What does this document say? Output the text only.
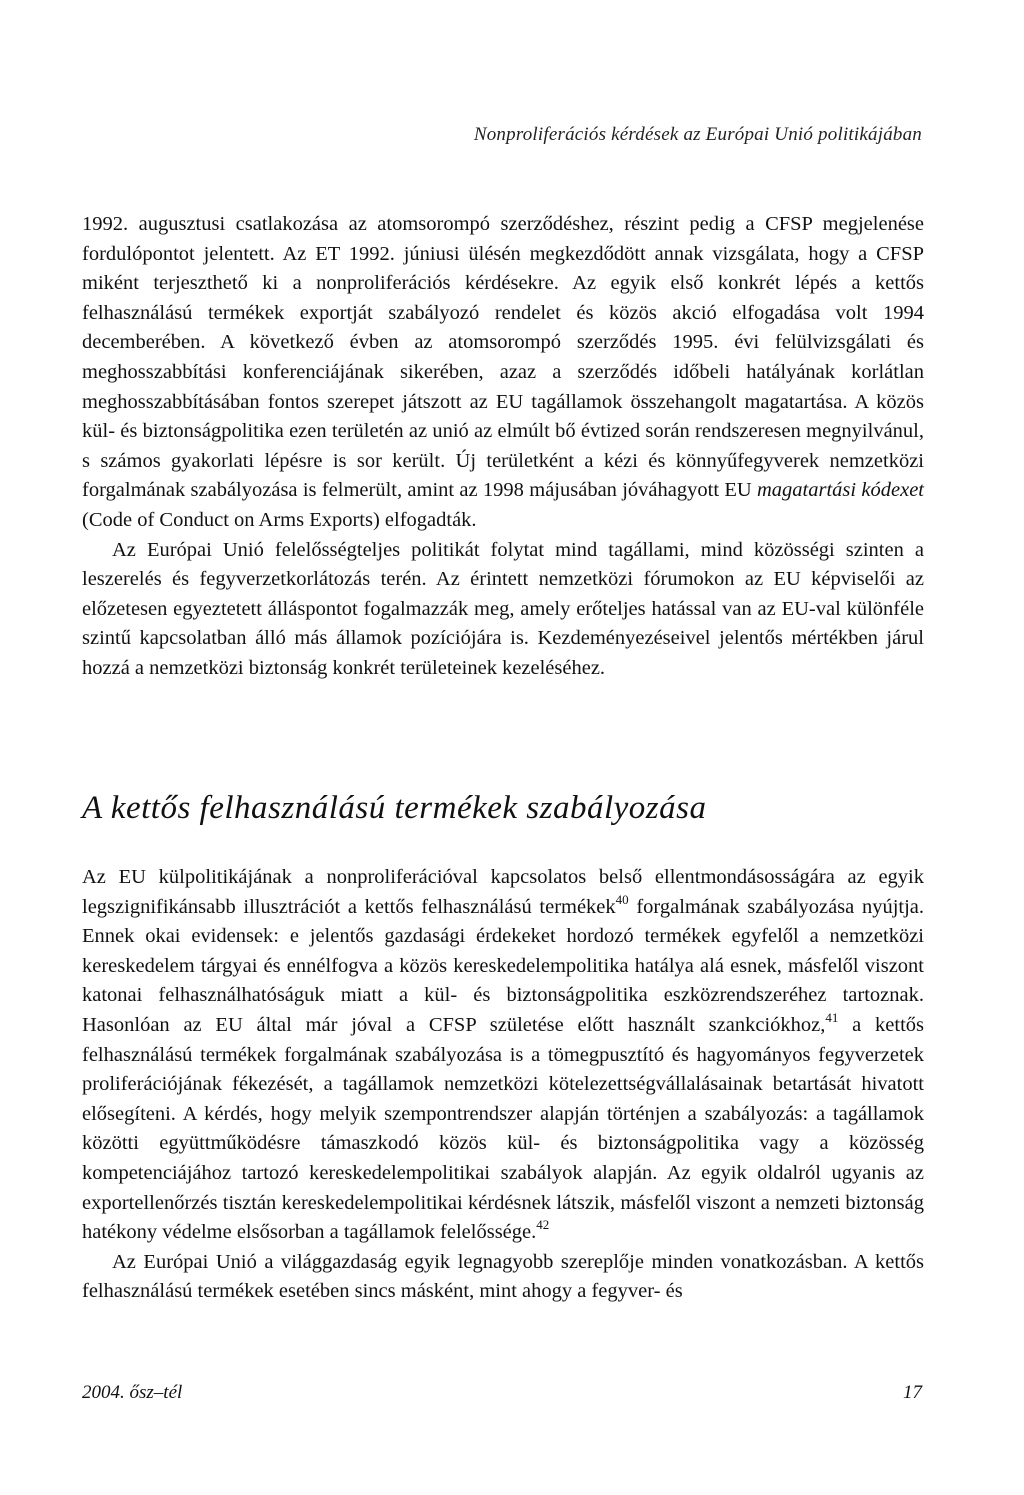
Nonproliferációs kérdések az Európai Unió politikájában

1992. augusztusi csatlakozása az atomsorompó szerződéshez, részint pedig a CFSP megjelenése fordulópontot jelentett. Az ET 1992. júniusi ülésén megkezdődött annak vizsgálata, hogy a CFSP miként terjeszthető ki a nonproliferációs kérdésekre. Az egyik első konkrét lépés a kettős felhasználású termékek exportját szabályozó rendelet és közös akció elfogadása volt 1994 decemberében. A következő évben az atomsorompó szerződés 1995. évi felülvizsgálati és meghosszabbítási konferenciájának sikerében, azaz a szerződés időbeli hatályának korlátlan meghosszabbításában fontos szerepet játszott az EU tagállamok összehangolt magatartása. A közös kül- és biztonságpolitika ezen területén az unió az elmúlt bő évtized során rendszeresen megnyilvánul, s számos gyakorlati lépésre is sor került. Új területként a kézi és könnyűfegyverek nemzetközi forgalmának szabályozása is felmerült, amint az 1998 májusában jóváhagyott EU magatartási kódexet (Code of Conduct on Arms Exports) elfogadták.

Az Európai Unió felelősségteljes politikát folytat mind tagállami, mind közösségi szinten a leszerelés és fegyverzetkorlátozás terén. Az érintett nemzetközi fórumokon az EU képviselői az előzetesen egyeztetett álláspontot fogalmazzák meg, amely erőteljes hatással van az EU-val különféle szintű kapcsolatban álló más államok pozíciójára is. Kezdeményezéseivel jelentős mértékben járul hozzá a nemzetközi biztonság konkrét területeinek kezeléséhez.

A kettős felhasználású termékek szabályozása

Az EU külpolitikájának a nonproliferációval kapcsolatos belső ellentmondásosságára az egyik legszignifikánsabb illusztrációt a kettős felhasználású termékek$^{40}$ forgalmának szabályozása nyújtja. Ennek okai evidensek: e jelentős gazdasági érdekeket hordozó termékek egyfelől a nemzetközi kereskedelem tárgyai és ennélfogva a közös kereskedelempolitika hatálya alá esnek, másfelől viszont katonai felhasználhatóságuk miatt a kül- és biztonságpolitika eszközrendszeréhez tartoznak. Hasonlóan az EU által már jóval a CFSP születése előtt használt szankciókhoz,$^{41}$ a kettős felhasználású termékek forgalmának szabályozása is a tömegpusztító és hagyományos fegyverzetek proliferációjának fékezését, a tagállamok nemzetközi kötelezettségvállalásainak betartását hivatott elősegíteni. A kérdés, hogy melyik szempontrendszer alapján történjen a szabályozás: a tagállamok közötti együttműködésre támaszkodó közös kül- és biztonságpolitika vagy a közösség kompetenciájához tartozó kereskedelempolitikai szabályok alapján. Az egyik oldalról ugyanis az exportellenőrzés tisztán kereskedelempolitikai kérdésnek látszik, másfelől viszont a nemzeti biztonság hatékony védelme elsősorban a tagállamok felelőssége.$^{42}$

Az Európai Unió a világgazdaság egyik legnagyobb szereplője minden vonatkozásban. A kettős felhasználású termékek esetében sincs másként, mint ahogy a fegyver- és

2004. ősz–tél	17
